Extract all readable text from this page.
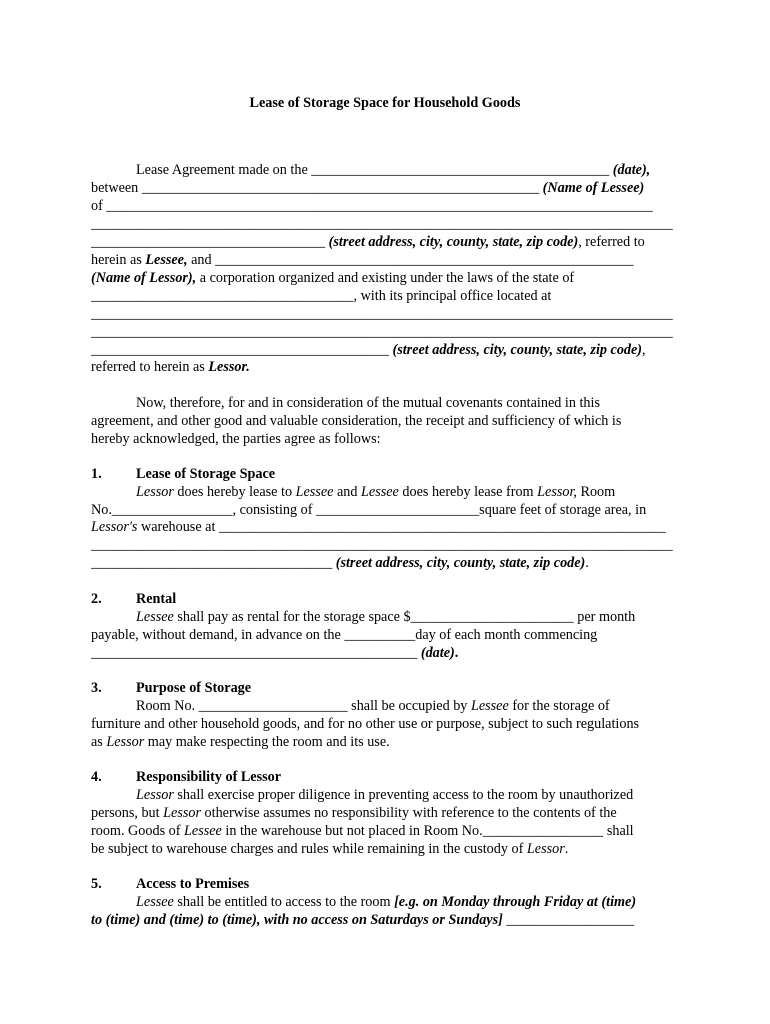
Lease of Storage Space for Household Goods
Lease Agreement made on the __________________________________________ (date),
between ________________________________________________________ (Name of Lessee)
of _____________________________________________________________________________
__________________________________________________________________________________
_________________________________ (street address, city, county, state, zip code), referred to
herein as Lessee, and ___________________________________________________________
(Name of Lessor), a corporation organized and existing under the laws of the state of
_____________________________________, with its principal office located at
__________________________________________________________________________________
__________________________________________________________________________________
__________________________________________ (street address, city, county, state, zip code),
referred to herein as Lessor.
Now, therefore, for and in consideration of the mutual covenants contained in this
agreement, and other good and valuable consideration, the receipt and sufficiency of which is
hereby acknowledged, the parties agree as follows:
1. Lease of Storage Space
Lessor does hereby lease to Lessee and Lessee does hereby lease from Lessor, Room
No._________________, consisting of _______________________square feet of storage area, in
Lessor's warehouse at _______________________________________________________________
__________________________________________________________________________________
__________________________________ (street address, city, county, state, zip code).
2. Rental
Lessee shall pay as rental for the storage space $_______________________ per month
payable, without demand, in advance on the __________day of each month commencing
______________________________________________ (date).
3. Purpose of Storage
Room No. _____________________ shall be occupied by Lessee for the storage of
furniture and other household goods, and for no other use or purpose, subject to such regulations
as Lessor may make respecting the room and its use.
4. Responsibility of Lessor
Lessor shall exercise proper diligence in preventing access to the room by unauthorized
persons, but Lessor otherwise assumes no responsibility with reference to the contents of the
room. Goods of Lessee in the warehouse but not placed in Room No._________________ shall
be subject to warehouse charges and rules while remaining in the custody of Lessor.
5. Access to Premises
Lessee shall be entitled to access to the room [e.g. on Monday through Friday at (time)
to (time) and (time) to (time), with no access on Saturdays or Sundays] __________________
